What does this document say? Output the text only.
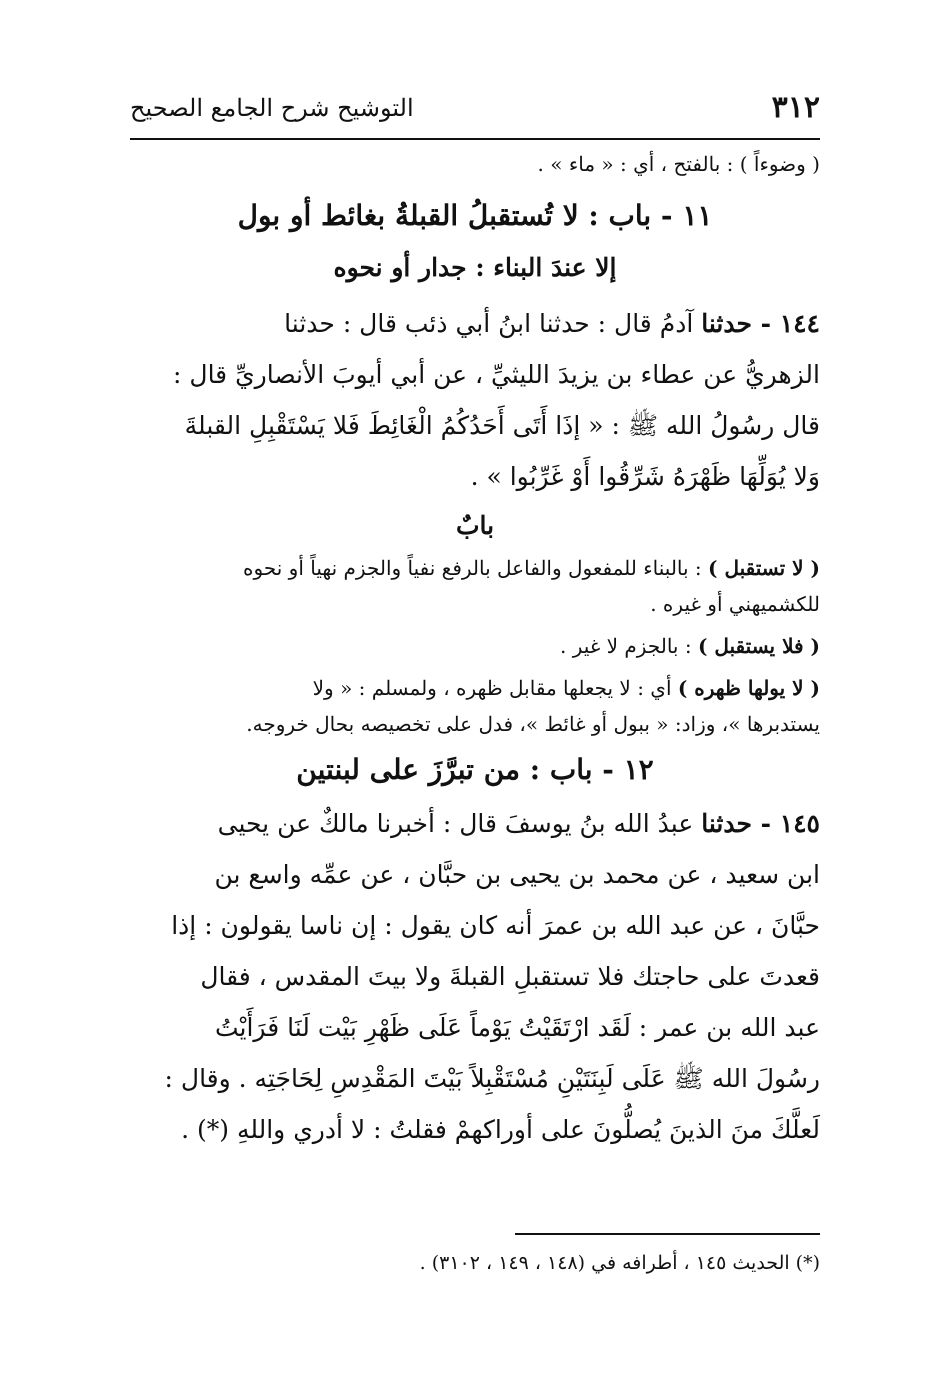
٣١٢
التوشيح شرح الجامع الصحيح

( وضوءاً ) : بالفتح ، أي : « ماء » .

١١ - باب : لا تُستقبلُ القبلةُ بغائط أو بول

إلا عندَ البناء : جدار أو نحوه

١٤٤ - حدثنا آدمُ قال : حدثنا ابنُ أبي ذئب قال : حدثنا

الزهريُّ عن عطاء بن يزيدَ الليثيِّ ، عن أبي أيوبَ الأنصاريِّ قال :

قال رسُولُ الله ﷺ : « إذَا أَتَى أَحَدُكُمُ الْغَائِطَ فَلا يَسْتَقْبِلِ القبلةَ

وَلا يُوَلِّهَا ظَهْرَهُ شَرِّقُوا أَوْ غَرِّبُوا » .

بابٌ

( لا تستقبل ) : بالبناء للمفعول والفاعل بالرفع نفياً والجزم نهياً أو نحوه

للكشميهني أو غيره .

( فلا يستقبل ) : بالجزم لا غير .

( لا يولها ظهره ) أي : لا يجعلها مقابل ظهره ، ولمسلم : « ولا

يستدبرها »، وزاد: « ببول أو غائط »، فدل على تخصيصه بحال خروجه.

١٢ - باب : من تبرَّزَ على لبنتين

١٤٥ - حدثنا عبدُ الله بنُ يوسفَ قال : أخبرنا مالكٌ عن يحيى

ابن سعيد ، عن محمد بن يحيى بن حبَّان ، عن عمِّه واسع بن

حبَّانَ ، عن عبد الله بن عمرَ أنه كان يقول : إن ناسا يقولون : إذا

قعدتَ على حاجتك فلا تستقبلِ القبلةَ ولا بيتَ المقدس ، فقال

عبد الله بن عمر : لَقَد ارْتَقَيْتُ يَوْماً عَلَى ظَهْرِ بَيْت لَنَا فَرَأَيْتُ

رسُولَ الله ﷺ عَلَى لَبِنَتَيْنِ مُسْتَقْبِلاً بَيْتَ المَقْدِسِ لِحَاجَتِه . وقال :

لَعلَّكَ منَ الذينَ يُصلُّونَ على أوراكهمْ فقلتُ : لا أدري واللهِ (*) .

(*) الحديث ١٤٥ ، أطرافه في (١٤٨ ، ١٤٩ ، ٣١٠٢) .
